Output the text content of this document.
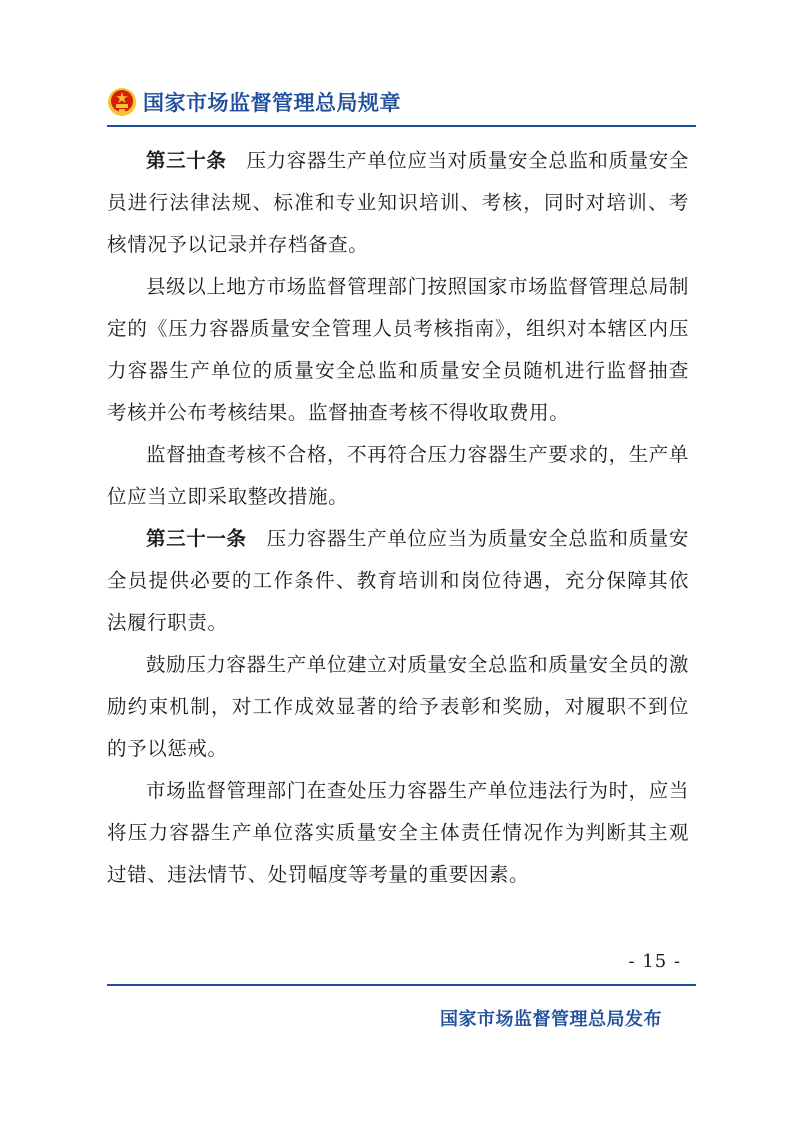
国家市场监督管理总局规章

第三十条 压力容器生产单位应当对质量安全总监和质量安全员进行法律法规、标准和专业知识培训、考核，同时对培训、考核情况予以记录并存档备查。

县级以上地方市场监督管理部门按照国家市场监督管理总局制定的《压力容器质量安全管理人员考核指南》，组织对本辖区内压力容器生产单位的质量安全总监和质量安全员随机进行监督抽查考核并公布考核结果。监督抽查考核不得收取费用。

监督抽查考核不合格，不再符合压力容器生产要求的，生产单位应当立即采取整改措施。

第三十一条 压力容器生产单位应当为质量安全总监和质量安全员提供必要的工作条件、教育培训和岗位待遇，充分保障其依法履行职责。

鼓励压力容器生产单位建立对质量安全总监和质量安全员的激励约束机制，对工作成效显著的给予表彰和奖励，对履职不到位的予以惩戒。

市场监督管理部门在查处压力容器生产单位违法行为时，应当将压力容器生产单位落实质量安全主体责任情况作为判断其主观过错、违法情节、处罚幅度等考量的重要因素。

- 15 -
国家市场监督管理总局发布
